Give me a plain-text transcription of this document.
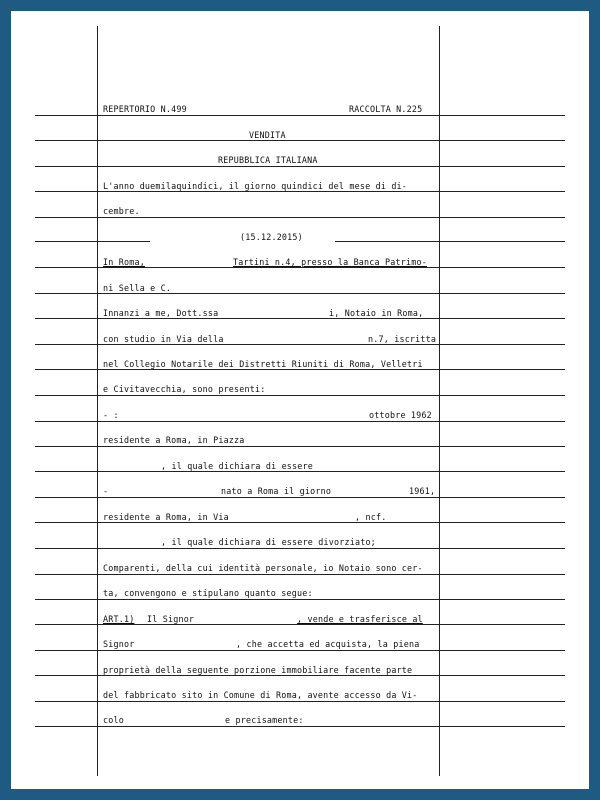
REPERTORIO N.499	RACCOLTA N.225
VENDITA
REPUBBLICA ITALIANA
L'anno duemilaquindici, il giorno quindici del mese di di-
cembre.
(15.12.2015)
In Roma,	Tartini n.4, presso la Banca Patrimo-
ni Sella e C.
Innanzi a me, Dott.ssa	i, Notaio in Roma,
con studio in Via della	n.7, iscritta
nel Collegio Notarile dei Distretti Riuniti di Roma, Velletri
e Civitavecchia, sono presenti:
- :	ottobre 1962
residente a Roma, in Piazza
, il quale dichiara di essere
-	nato a Roma il giorno	1961,
residente a Roma, in Via	, ncf.
, il quale dichiara di essere divorziato;
Comparenti, della cui identità personale, io Notaio sono cer-
ta, convengono e stipulano quanto segue:
ART.1) Il Signor	, vende e trasferisce al
Signor	, che accetta ed acquista, la piena
proprietà della seguente porzione immobiliare facente parte
del fabbricato sito in Comune di Roma, avente accesso da Vi-
colo	e precisamente:
